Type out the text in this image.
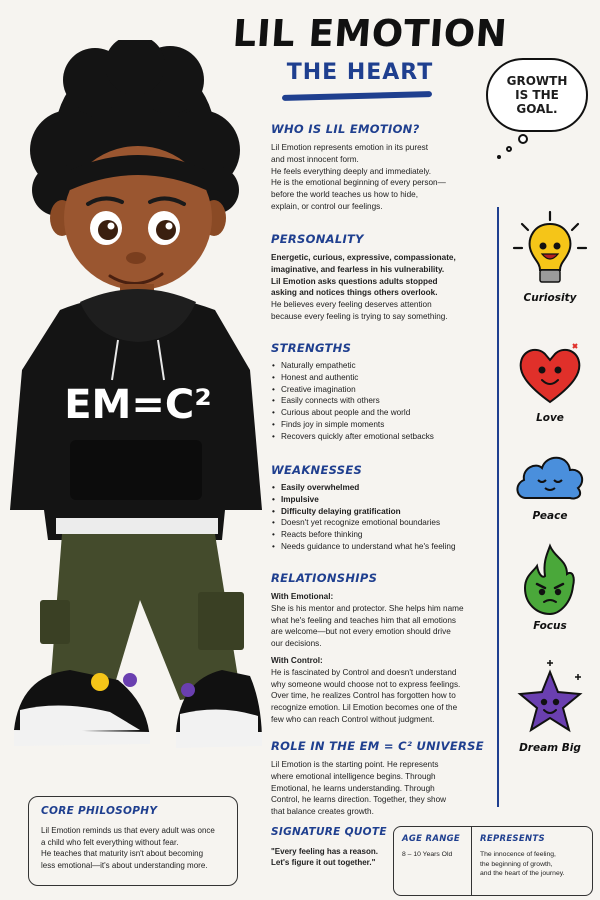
LIL EMOTION
THE HEART	GROWTH IS THE GOAL.
EM=C²
WHO IS LIL EMOTION?
Lil Emotion represents emotion in its purest
and most innocent form.
He feels everything deeply and immediately.
He is the emotional beginning of every person—
before the world teaches us how to hide,
explain, or control our feelings.
PERSONALITY
Energetic, curious, expressive, compassionate,
imaginative, and fearless in his vulnerability.
Lil Emotion asks questions adults stopped
asking and notices things others overlook.
He believes every feeling deserves attention
because every feeling is trying to say something.
STRENGTHS
• Naturally empathetic
• Honest and authentic
• Creative imagination
• Easily connects with others
• Curious about people and the world
• Finds joy in simple moments
• Recovers quickly after emotional setbacks
WEAKNESSES
• Easily overwhelmed
• Impulsive
• Difficulty delaying gratification
• Doesn't yet recognize emotional boundaries
• Reacts before thinking
• Needs guidance to understand what he's feeling
RELATIONSHIPS
With Emotional:
She is his mentor and protector. She helps him name
what he's feeling and teaches him that all emotions
are welcome—but not every emotion should drive
our decisions.
With Control:
He is fascinated by Control and doesn't understand
why someone would choose not to express feelings.
Over time, he realizes Control has forgotten how to
recognize emotion. Lil Emotion becomes one of the
few who can reach Control without judgment.
ROLE IN THE EM = C² UNIVERSE
Lil Emotion is the starting point. He represents
where emotional intelligence begins. Through
Emotional, he learns understanding. Through
Control, he learns direction. Together, they show
that balance creates growth.
SIGNATURE QUOTE
"Every feeling has a reason.
Let's figure it out together."
Curiosity
Love
Peace
Focus
Dream Big
CORE PHILOSOPHY
Lil Emotion reminds us that every adult was once
a child who felt everything without fear.
He teaches that maturity isn't about becoming
less emotional—it's about understanding more.
AGE RANGE
8 – 10 Years Old
REPRESENTS
The innocence of feeling,
the beginning of growth,
and the heart of the journey.
